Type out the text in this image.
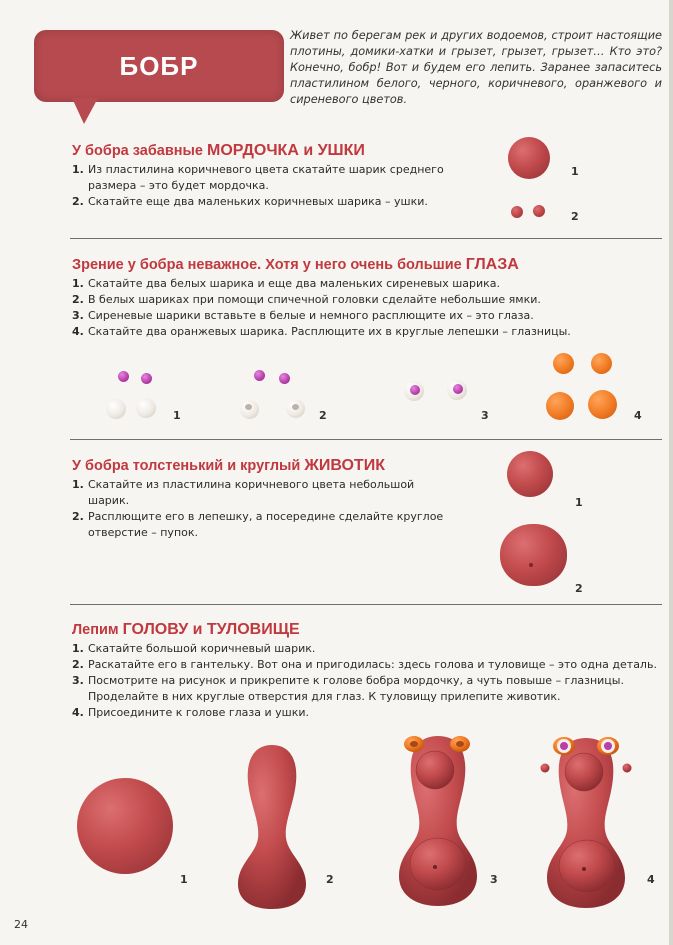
БОБР
Живет по берегам рек и других водоемов, строит настоящие плотины, домики-хатки и грызет, грызет, грызет… Кто это? Конечно, бобр! Вот и будем его лепить. Заранее запаситесь пластилином белого, черного, коричневого, оранжевого и сиреневого цветов.
У бобра забавные МОРДОЧКА и УШКИ
1. Из пластилина коричневого цвета скатайте шарик среднего размера – это будет мордочка.
2. Скатайте еще два маленьких коричневых шарика – ушки.
1
2
Зрение у бобра неважное. Хотя у него очень большие ГЛАЗА
1. Скатайте два белых шарика и еще два маленьких сиреневых шарика.
2. В белых шариках при помощи спичечной головки сделайте небольшие ямки.
3. Сиреневые шарики вставьте в белые и немного расплющите их – это глаза.
4. Скатайте два оранжевых шарика. Расплющите их в круглые лепешки – глазницы.
1	2	3	4
У бобра толстенький и круглый ЖИВОТИК
1. Скатайте из пластилина коричневого цвета небольшой шарик.
2. Расплющите его в лепешку, а посередине сделайте круглое отверстие – пупок.
1
2
Лепим ГОЛОВУ и ТУЛОВИЩЕ
1. Скатайте большой коричневый шарик.
2. Раскатайте его в гантельку. Вот она и пригодилась: здесь голова и туловище – это одна деталь.
3. Посмотрите на рисунок и прикрепите к голове бобра мордочку, а чуть повыше – глазницы. Проделайте в них круглые отверстия для глаз. К туловищу прилепите животик.
4. Присоедините к голове глаза и ушки.
1	2	3	4
24
